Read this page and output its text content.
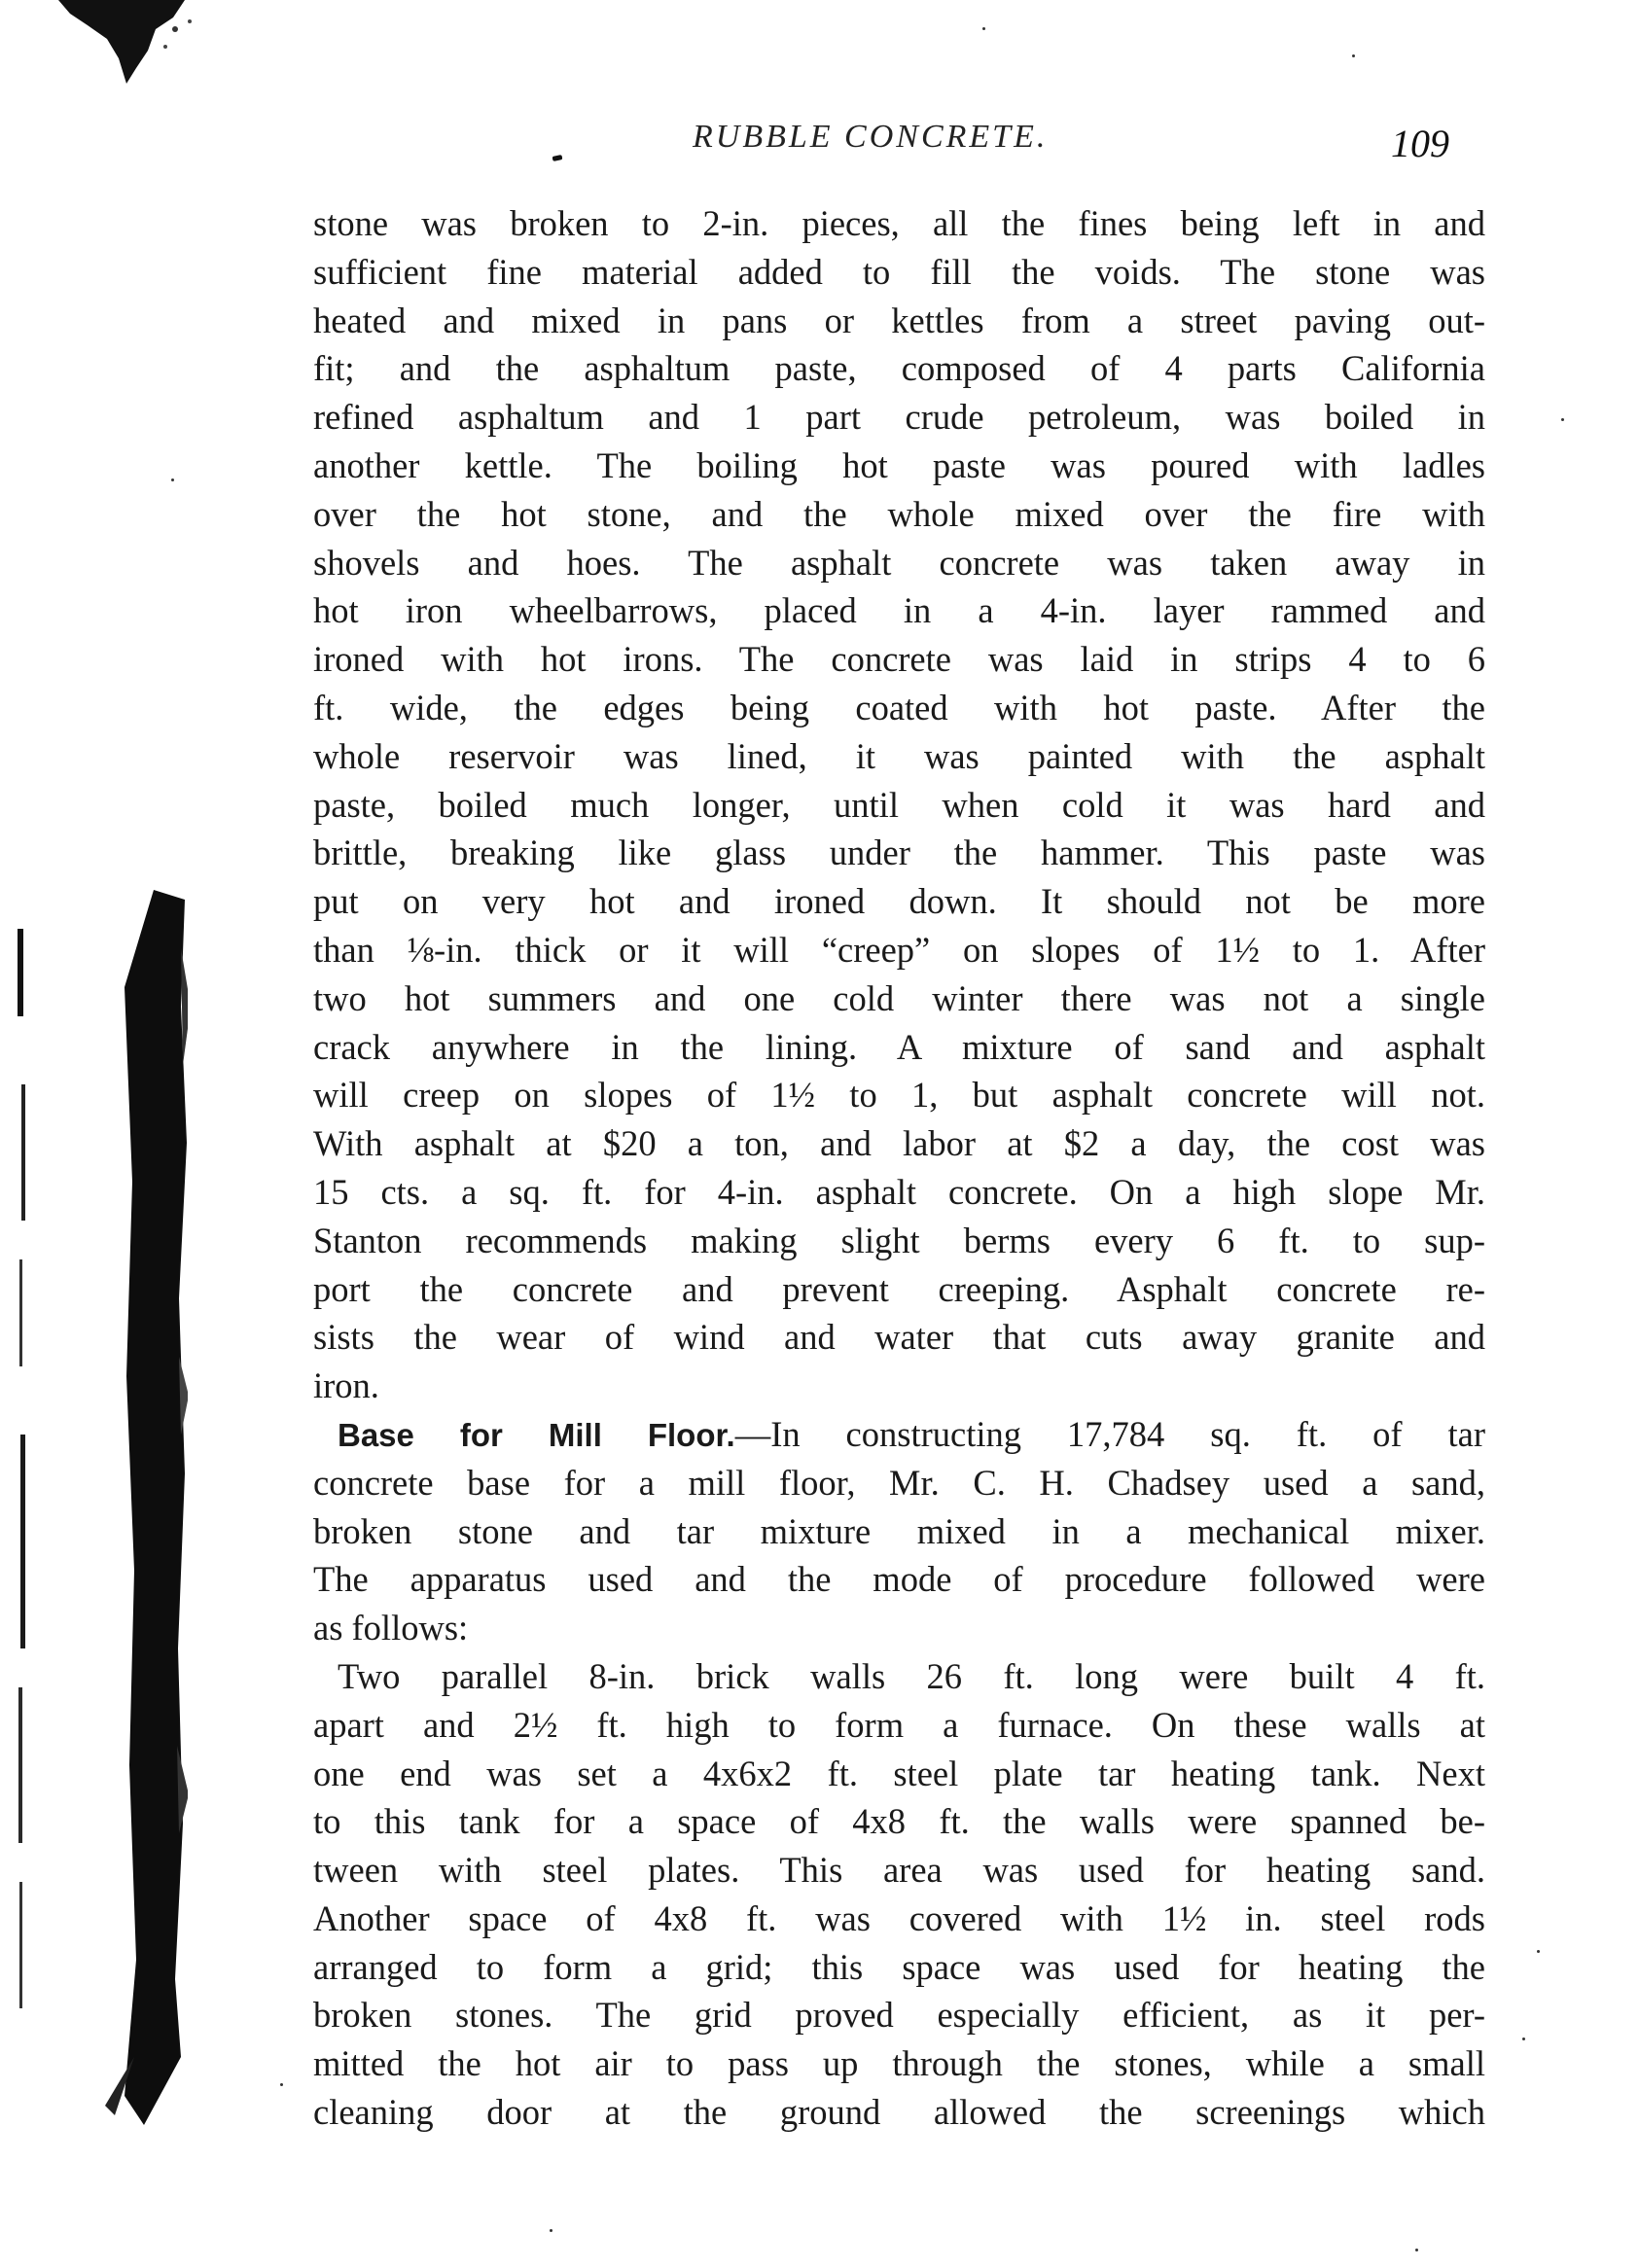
RUBBLE CONCRETE.	109
stone was broken to 2-in. pieces, all the fines being left in and
sufficient fine material added to fill the voids. The stone was
heated and mixed in pans or kettles from a street paving out-
fit; and the asphaltum paste, composed of 4 parts California
refined asphaltum and 1 part crude petroleum, was boiled in
another kettle. The boiling hot paste was poured with ladles
over the hot stone, and the whole mixed over the fire with
shovels and hoes. The asphalt concrete was taken away in
hot iron wheelbarrows, placed in a 4-in. layer rammed and
ironed with hot irons. The concrete was laid in strips 4 to 6
ft. wide, the edges being coated with hot paste. After the
whole reservoir was lined, it was painted with the asphalt
paste, boiled much longer, until when cold it was hard and
brittle, breaking like glass under the hammer. This paste was
put on very hot and ironed down. It should not be more
than ⅛-in. thick or it will “creep” on slopes of 1½ to 1. After
two hot summers and one cold winter there was not a single
crack anywhere in the lining. A mixture of sand and asphalt
will creep on slopes of 1½ to 1, but asphalt concrete will not.
With asphalt at $20 a ton, and labor at $2 a day, the cost was
15 cts. a sq. ft. for 4-in. asphalt concrete. On a high slope Mr.
Stanton recommends making slight berms every 6 ft. to sup-
port the concrete and prevent creeping. Asphalt concrete re-
sists the wear of wind and water that cuts away granite and
iron.
Base for Mill Floor.—In constructing 17,784 sq. ft. of tar
concrete base for a mill floor, Mr. C. H. Chadsey used a sand,
broken stone and tar mixture mixed in a mechanical mixer.
The apparatus used and the mode of procedure followed were
as follows:
Two parallel 8-in. brick walls 26 ft. long were built 4 ft.
apart and 2½ ft. high to form a furnace. On these walls at
one end was set a 4x6x2 ft. steel plate tar heating tank. Next
to this tank for a space of 4x8 ft. the walls were spanned be-
tween with steel plates. This area was used for heating sand.
Another space of 4x8 ft. was covered with 1½ in. steel rods
arranged to form a grid; this space was used for heating the
broken stones. The grid proved especially efficient, as it per-
mitted the hot air to pass up through the stones, while a small
cleaning door at the ground allowed the screenings which
